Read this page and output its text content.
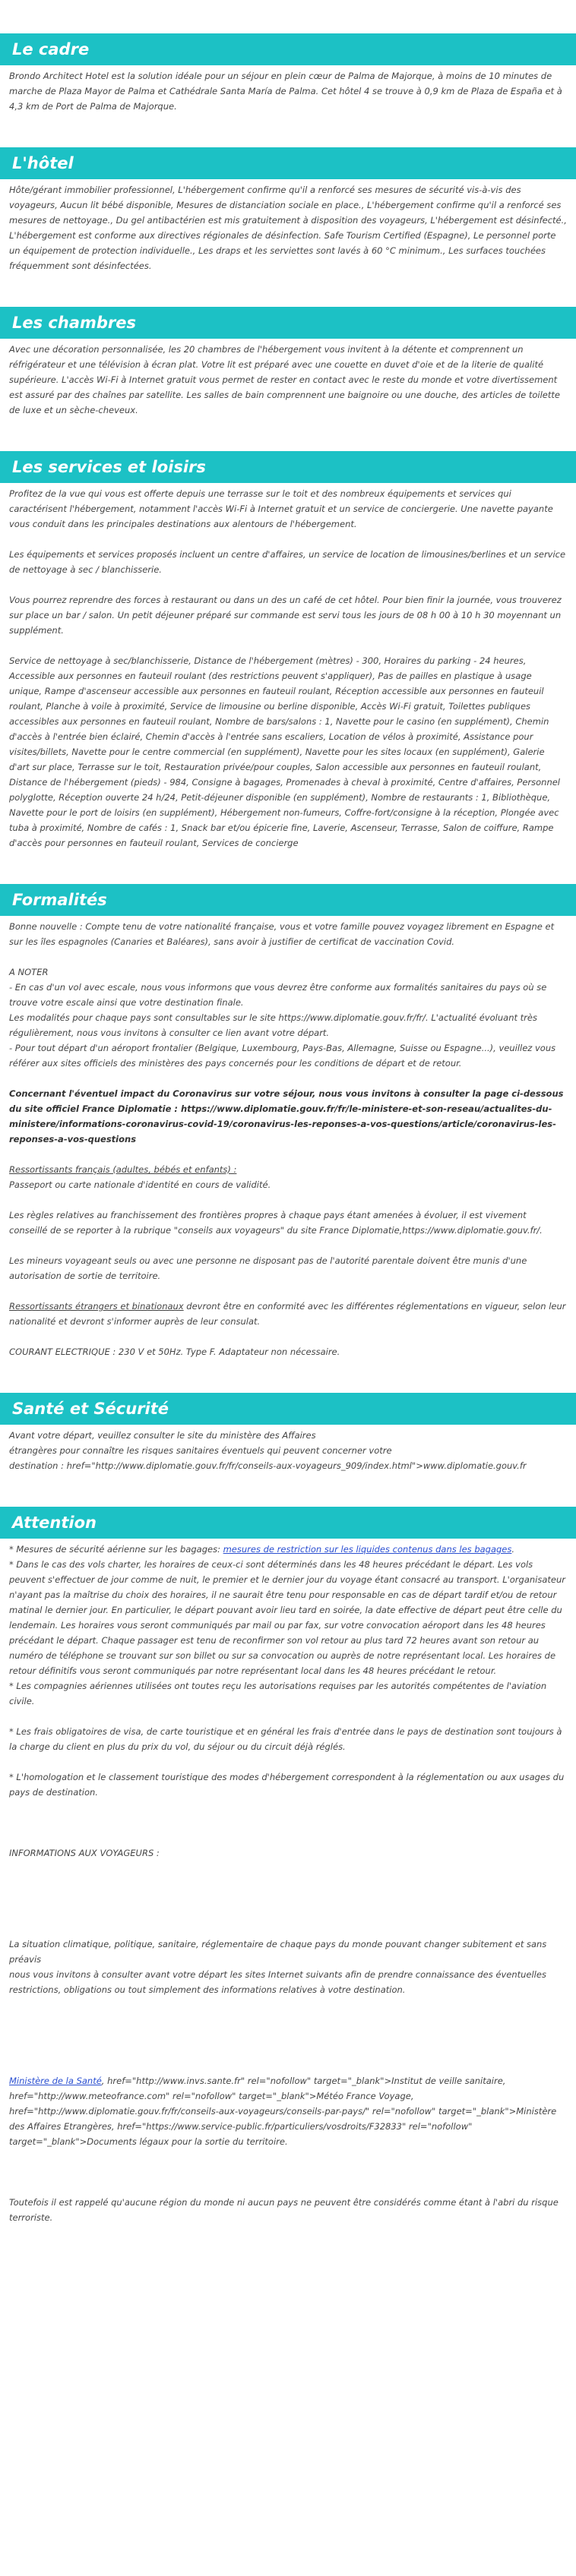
Le cadre

Brondo Architect Hotel est la solution idéale pour un séjour en plein cœur de Palma de Majorque, à moins de 10 minutes de marche de Plaza Mayor de Palma et Cathédrale Santa María de Palma. Cet hôtel 4 se trouve à 0,9 km de Plaza de España et à 4,3 km de Port de Palma de Majorque.

L'hôtel

Hôte/gérant immobilier professionnel, L'hébergement confirme qu'il a renforcé ses mesures de sécurité vis-à-vis des voyageurs, Aucun lit bébé disponible, Mesures de distanciation sociale en place., L'hébergement confirme qu'il a renforcé ses mesures de nettoyage., Du gel antibactérien est mis gratuitement à disposition des voyageurs, L'hébergement est désinfecté., L'hébergement est conforme aux directives régionales de désinfection. Safe Tourism Certified (Espagne), Le personnel porte un équipement de protection individuelle., Les draps et les serviettes sont lavés à 60 °C minimum., Les surfaces touchées fréquemment sont désinfectées.

Les chambres

Avec une décoration personnalisée, les 20 chambres de l'hébergement vous invitent à la détente et comprennent un réfrigérateur et une télévision à écran plat. Votre lit est préparé avec une couette en duvet d'oie et de la literie de qualité supérieure. L'accès Wi-Fi à Internet gratuit vous permet de rester en contact avec le reste du monde et votre divertissement est assuré par des chaînes par satellite. Les salles de bain comprennent une baignoire ou une douche, des articles de toilette de luxe et un sèche-cheveux.

Les services et loisirs

Profitez de la vue qui vous est offerte depuis une terrasse sur le toit et des nombreux équipements et services qui caractérisent l'hébergement, notamment l'accès Wi-Fi à Internet gratuit et un service de conciergerie. Une navette payante vous conduit dans les principales destinations aux alentours de l'hébergement.

Les équipements et services proposés incluent un centre d'affaires, un service de location de limousines/berlines et un service de nettoyage à sec / blanchisserie.

Vous pourrez reprendre des forces à restaurant ou dans un des un café de cet hôtel. Pour bien finir la journée, vous trouverez sur place un bar / salon. Un petit déjeuner préparé sur commande est servi tous les jours de 08 h 00 à 10 h 30 moyennant un supplément.

Service de nettoyage à sec/blanchisserie, Distance de l'hébergement (mètres) - 300, Horaires du parking - 24 heures, Accessible aux personnes en fauteuil roulant (des restrictions peuvent s'appliquer), Pas de pailles en plastique à usage unique, Rampe d'ascenseur accessible aux personnes en fauteuil roulant, Réception accessible aux personnes en fauteuil roulant, Planche à voile à proximité, Service de limousine ou berline disponible, Accès Wi-Fi gratuit, Toilettes publiques accessibles aux personnes en fauteuil roulant, Nombre de bars/salons : 1, Navette pour le casino (en supplément), Chemin d'accès à l'entrée bien éclairé, Chemin d'accès à l'entrée sans escaliers, Location de vélos à proximité, Assistance pour visites/billets, Navette pour le centre commercial (en supplément), Navette pour les sites locaux (en supplément), Galerie d'art sur place, Terrasse sur le toit, Restauration privée/pour couples, Salon accessible aux personnes en fauteuil roulant, Distance de l'hébergement (pieds) - 984, Consigne à bagages, Promenades à cheval à proximité, Centre d'affaires, Personnel polyglotte, Réception ouverte 24 h/24, Petit-déjeuner disponible (en supplément), Nombre de restaurants : 1, Bibliothèque, Navette pour le port de loisirs (en supplément), Hébergement non-fumeurs, Coffre-fort/consigne à la réception, Plongée avec tuba à proximité, Nombre de cafés : 1, Snack bar et/ou épicerie fine, Laverie, Ascenseur, Terrasse, Salon de coiffure, Rampe d'accès pour personnes en fauteuil roulant, Services de concierge

Formalités

Bonne nouvelle : Compte tenu de votre nationalité française, vous et votre famille pouvez voyagez librement en Espagne et sur les îles espagnoles (Canaries et Baléares), sans avoir à justifier de certificat de vaccination Covid.

A NOTER

- En cas d'un vol avec escale, nous vous informons que vous devrez être conforme aux formalités sanitaires du pays où se trouve votre escale ainsi que votre destination finale.

Les modalités pour chaque pays sont consultables sur le site https://www.diplomatie.gouv.fr/fr/. L'actualité évoluant très régulièrement, nous vous invitons à consulter ce lien avant votre départ.

- Pour tout départ d'un aéroport frontalier (Belgique, Luxembourg, Pays-Bas, Allemagne, Suisse ou Espagne...), veuillez vous référer aux sites officiels des ministères des pays concernés pour les conditions de départ et de retour.

Concernant l'éventuel impact du Coronavirus sur votre séjour, nous vous invitons à consulter la page ci-dessous du site officiel France Diplomatie : https://www.diplomatie.gouv.fr/fr/le-ministere-et-son-reseau/actualites-du-ministere/informations-coronavirus-covid-19/coronavirus-les-reponses-a-vos-questions/article/coronavirus-les-reponses-a-vos-questions

Ressortissants français (adultes, bébés et enfants) :

Passeport ou carte nationale d'identité en cours de validité.

Les règles relatives au franchissement des frontières propres à chaque pays étant amenées à évoluer, il est vivement conseillé de se reporter à la rubrique "conseils aux voyageurs" du site France Diplomatie,https://www.diplomatie.gouv.fr/.

Les mineurs voyageant seuls ou avec une personne ne disposant pas de l'autorité parentale doivent être munis d'une autorisation de sortie de territoire.

Ressortissants étrangers et binationaux devront être en conformité avec les différentes réglementations en vigueur, selon leur nationalité et devront s'informer auprès de leur consulat.

COURANT ELECTRIQUE : 230 V et 50Hz. Type F. Adaptateur non nécessaire.

Santé et Sécurité

Avant votre départ, veuillez consulter le site du ministère des Affaires

étrangères pour connaître les risques sanitaires éventuels qui peuvent concerner votre

destination : href="http://www.diplomatie.gouv.fr/fr/conseils-aux-voyageurs_909/index.html">www.diplomatie.gouv.fr

Attention

* Mesures de sécurité aérienne sur les bagages: mesures de restriction sur les liquides contenus dans les bagages.

* Dans le cas des vols charter, les horaires de ceux-ci sont déterminés dans les 48 heures précédant le départ. Les vols peuvent s'effectuer de jour comme de nuit, le premier et le dernier jour du voyage étant consacré au transport. L'organisateur n'ayant pas la maîtrise du choix des horaires, il ne saurait être tenu pour responsable en cas de départ tardif et/ou de retour matinal le dernier jour. En particulier, le départ pouvant avoir lieu tard en soirée, la date effective de départ peut être celle du lendemain. Les horaires vous seront communiqués par mail ou par fax, sur votre convocation aéroport dans les 48 heures précédant le départ. Chaque passager est tenu de reconfirmer son vol retour au plus tard 72 heures avant son retour au numéro de téléphone se trouvant sur son billet ou sur sa convocation ou auprès de notre représentant local. Les horaires de retour définitifs vous seront communiqués par notre représentant local dans les 48 heures précédant le retour.

* Les compagnies aériennes utilisées ont toutes reçu les autorisations requises par les autorités compétentes de l'aviation civile.

* Les frais obligatoires de visa, de carte touristique et en général les frais d'entrée dans le pays de destination sont toujours à la charge du client en plus du prix du vol, du séjour ou du circuit déjà réglés.

* L'homologation et le classement touristique des modes d'hébergement correspondent à la réglementation ou aux usages du pays de destination.

INFORMATIONS AUX VOYAGEURS :

La situation climatique, politique, sanitaire, réglementaire de chaque pays du monde pouvant changer subitement et sans préavis

nous vous invitons à consulter avant votre départ les sites Internet suivants afin de prendre connaissance des éventuelles restrictions, obligations ou tout simplement des informations relatives à votre destination.

Ministère de la Santé, href="http://www.invs.sante.fr" rel="nofollow" target="_blank">Institut de veille sanitaire, href="http://www.meteofrance.com" rel="nofollow" target="_blank">Météo France Voyage, href="http://www.diplomatie.gouv.fr/fr/conseils-aux-voyageurs/conseils-par-pays/" rel="nofollow" target="_blank">Ministère des Affaires Etrangères, href="https://www.service-public.fr/particuliers/vosdroits/F32833" rel="nofollow" target="_blank">Documents légaux pour la sortie du territoire.

Toutefois il est rappelé qu'aucune région du monde ni aucun pays ne peuvent être considérés comme étant à l'abri du risque terroriste.
